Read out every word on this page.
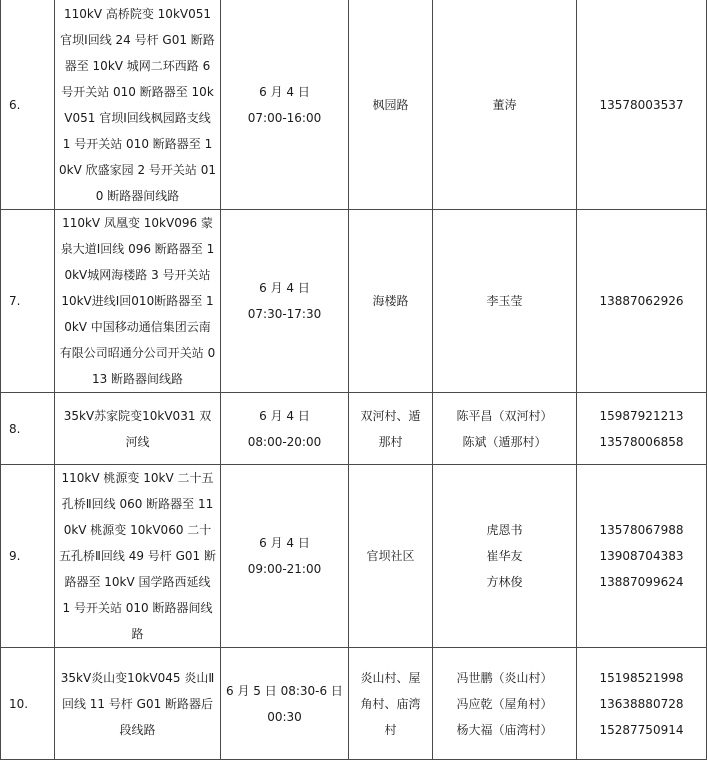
6.	110kV 高桥院变 10kV051 官坝Ⅰ回线 24 号杆 G01 断路器至 10kV 城网二环西路 6 号开关站 010 断路器至 10kV051 官坝Ⅰ回线枫园路支线 1 号开关站 010 断路器至 10kV 欣盛家园 2 号开关站 010 断路器间线路	6 月 4 日
07:00-16:00	枫园路	董涛	13578003537

7.	110kV 凤凰变 10kV096 蒙泉大道Ⅰ回线 096 断路器至 10kV城网海楼路 3 号开关站 10kV进线Ⅰ回010断路器至 10kV 中国移动通信集团云南有限公司昭通分公司开关站 013 断路器间线路	6 月 4 日
07:30-17:30	海楼路	李玉莹	13887062926

8.	35kV苏家院变10kV031 双河线	6 月 4 日
08:00-20:00	双河村、遁
那村	陈平昌（双河村）
陈斌（遁那村）	15987921213
13578006858

9.	110kV 桃源变 10kV 二十五孔桥Ⅱ回线 060 断路器至 110kV 桃源变 10kV060 二十五孔桥Ⅱ回线 49 号杆 G01 断路器至 10kV 国学路西延线 1 号开关站 010 断路器间线路	6 月 4 日
09:00-21:00	官坝社区	虎恩书
崔华友
方林俊	13578067988
13908704383
13887099624

10.	35kV炎山变10kV045 炎山Ⅱ回线 11 号杆 G01 断路器后段线路	6 月 5 日 08:30-6 日
00:30	炎山村、屋
角村、庙湾
村	冯世鹏（炎山村）
冯应乾（屋角村）
杨大福（庙湾村）	15198521998
13638880728
15287750914
